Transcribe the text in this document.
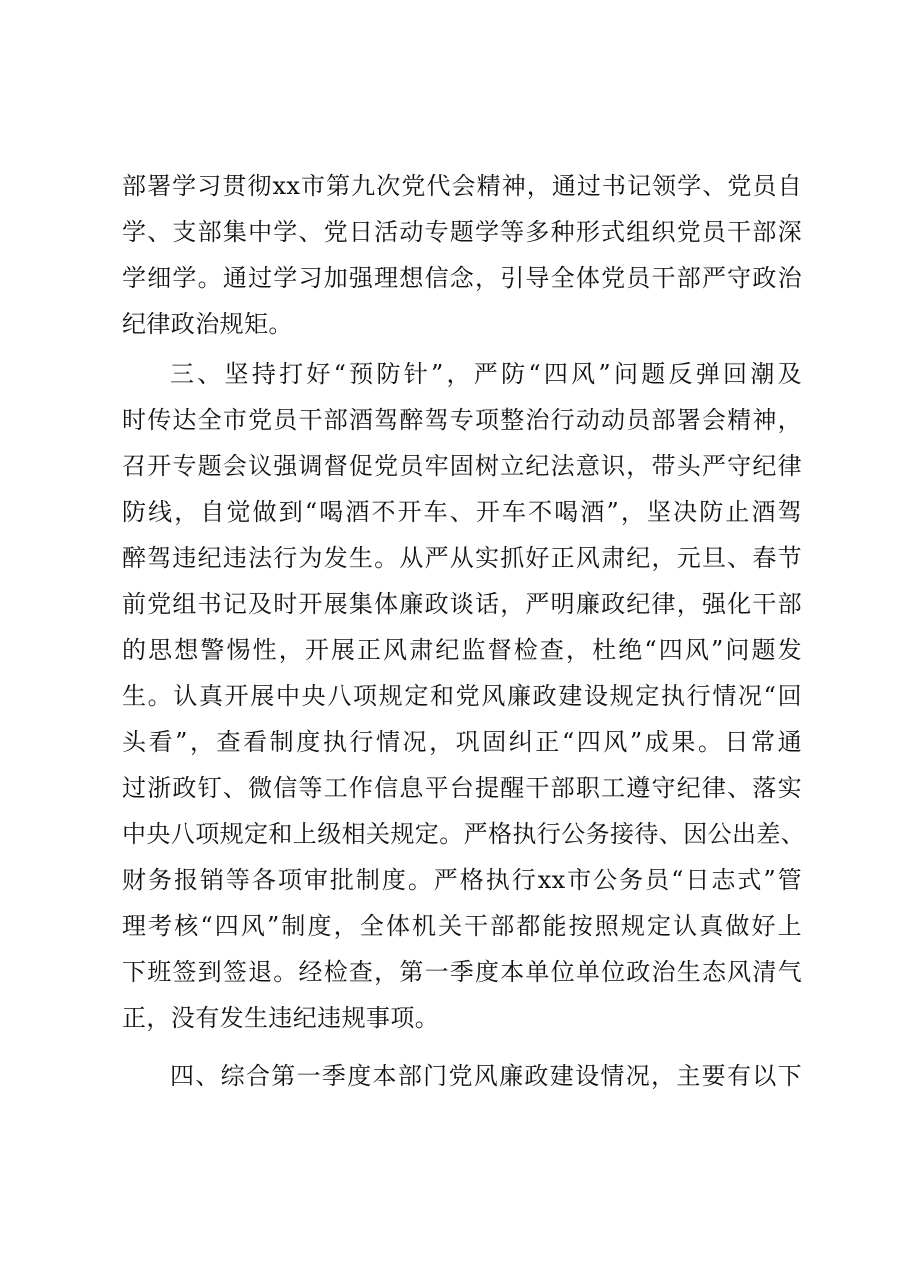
部署学习贯彻xx市第九次党代会精神，通过书记领学、党员自
学、支部集中学、党日活动专题学等多种形式组织党员干部深
学细学。通过学习加强理想信念，引导全体党员干部严守政治
纪律政治规矩。
三、坚持打好“预防针”，严防“四风”问题反弹回潮及
时传达全市党员干部酒驾醉驾专项整治行动动员部署会精神，
召开专题会议强调督促党员牢固树立纪法意识，带头严守纪律
防线，自觉做到“喝酒不开车、开车不喝酒”，坚决防止酒驾
醉驾违纪违法行为发生。从严从实抓好正风肃纪，元旦、春节
前党组书记及时开展集体廉政谈话，严明廉政纪律，强化干部
的思想警惕性，开展正风肃纪监督检查，杜绝“四风”问题发
生。认真开展中央八项规定和党风廉政建设规定执行情况“回
头看”，查看制度执行情况，巩固纠正“四风”成果。日常通
过浙政钉、微信等工作信息平台提醒干部职工遵守纪律、落实
中央八项规定和上级相关规定。严格执行公务接待、因公出差、
财务报销等各项审批制度。严格执行xx市公务员“日志式”管
理考核“四风”制度，全体机关干部都能按照规定认真做好上
下班签到签退。经检查，第一季度本单位单位政治生态风清气
正，没有发生违纪违规事项。
四、综合第一季度本部门党风廉政建设情况，主要有以下
